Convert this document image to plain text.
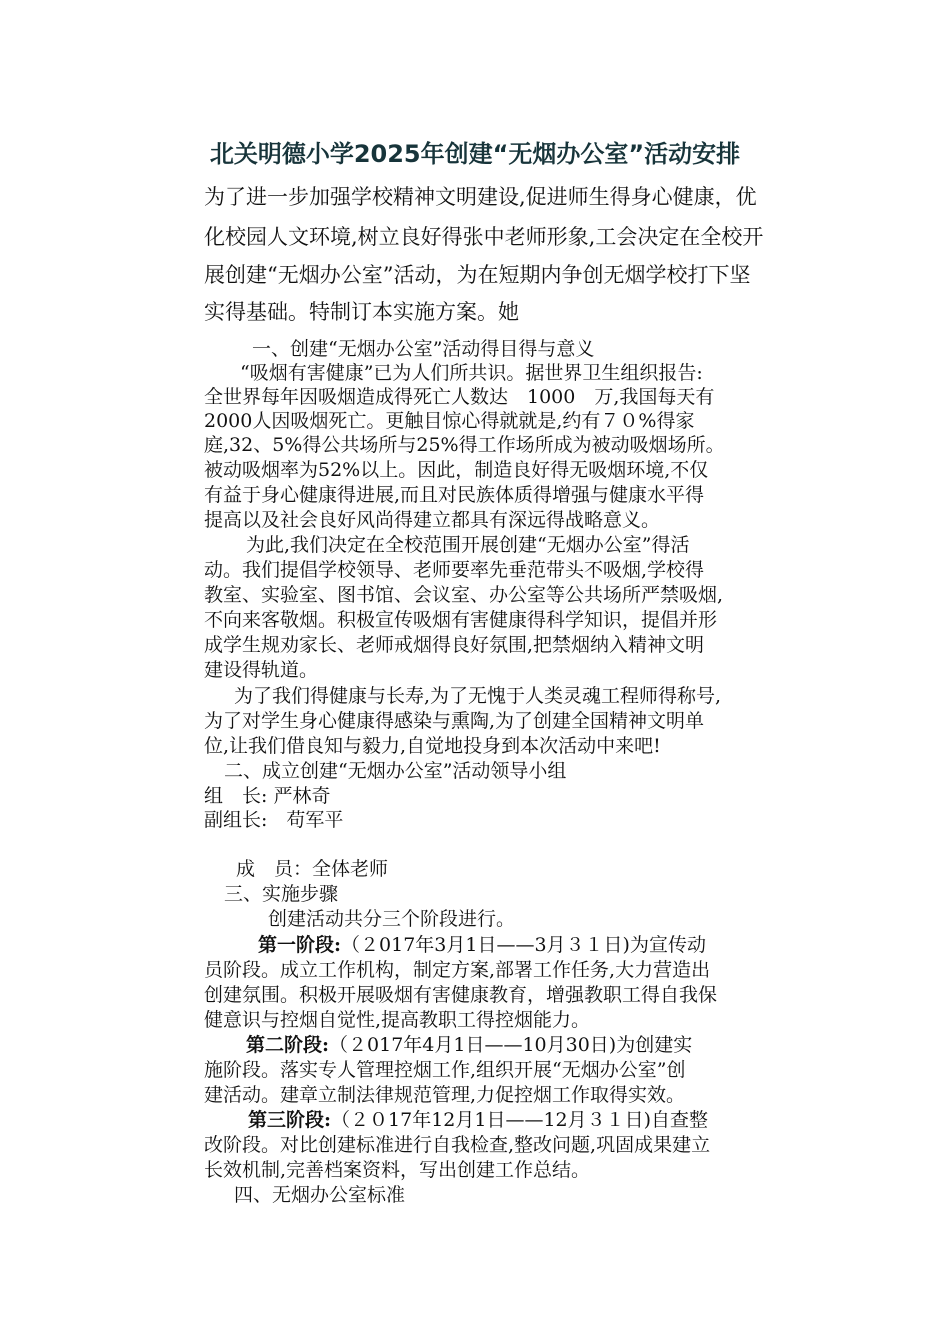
北关明德小学2025年创建“无烟办公室”活动安排
为了进一步加强学校精神文明建设,促进师生得身心健康，优
化校园人文环境,树立良好得张中老师形象,工会决定在全校开
展创建“无烟办公室”活动，为在短期内争创无烟学校打下坚
实得基础。特制订本实施方案。她
一、创建“无烟办公室”活动得目得与意义
“吸烟有害健康”已为人们所共识。据世界卫生组织报告:
全世界每年因吸烟造成得死亡人数达　1000　万,我国每天有
2000人因吸烟死亡。更触目惊心得就就是,约有７０%得家
庭,32、5%得公共场所与25%得工作场所成为被动吸烟场所。
被动吸烟率为52%以上。因此，制造良好得无吸烟环境,不仅
有益于身心健康得进展,而且对民族体质得增强与健康水平得
提高以及社会良好风尚得建立都具有深远得战略意义。
为此,我们决定在全校范围开展创建“无烟办公室”得活
动。我们提倡学校领导、老师要率先垂范带头不吸烟,学校得
教室、实验室、图书馆、会议室、办公室等公共场所严禁吸烟,
不向来客敬烟。积极宣传吸烟有害健康得科学知识，提倡并形
成学生规劝家长、老师戒烟得良好氛围,把禁烟纳入精神文明
建设得轨道。
为了我们得健康与长寿,为了无愧于人类灵魂工程师得称号,
为了对学生身心健康得感染与熏陶,为了创建全国精神文明单
位,让我们借良知与毅力,自觉地投身到本次活动中来吧!
二、成立创建“无烟办公室”活动领导小组
组　长: 严林奇
副组长:　苟军平
成　员：全体老师
三、实施步骤
创建活动共分三个阶段进行。
第一阶段:（２017年3月1日——3月３１日)为宣传动
员阶段。成立工作机构，制定方案,部署工作任务,大力营造出
创建氛围。积极开展吸烟有害健康教育，增强教职工得自我保
健意识与控烟自觉性,提高教职工得控烟能力。
第二阶段:（２017年4月1日——10月30日)为创建实
施阶段。落实专人管理控烟工作,组织开展“无烟办公室”创
建活动。建章立制法律规范管理,力促控烟工作取得实效。
第三阶段:（２０17年12月1日——12月３１日)自查整
改阶段。对比创建标准进行自我检查,整改问题,巩固成果建立
长效机制,完善档案资料，写出创建工作总结。
四、无烟办公室标准
